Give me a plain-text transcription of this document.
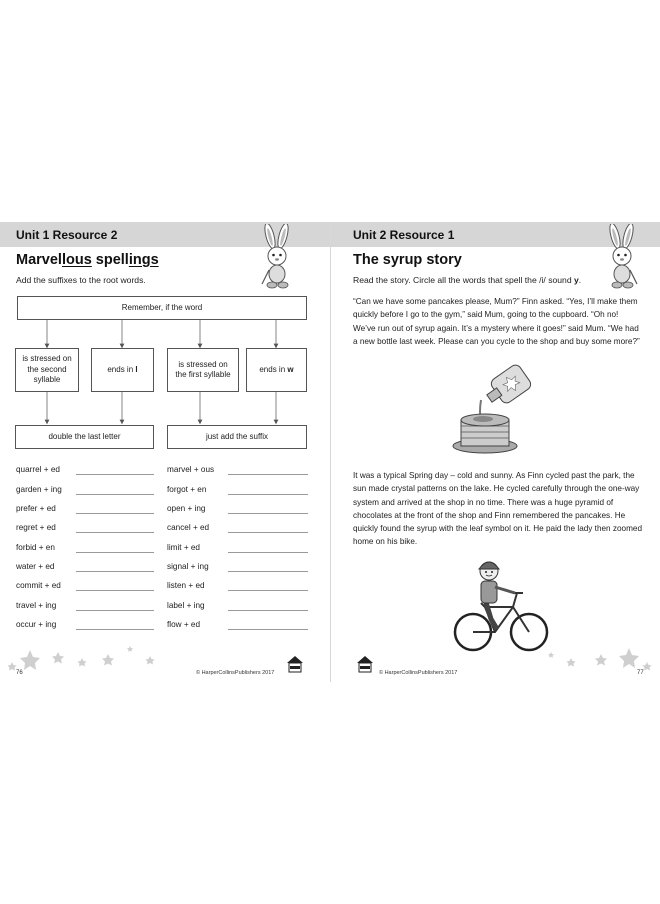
Unit 1 Resource 2
Marvellous spellings
Add the suffixes to the root words.
Remember, if the word
is stressed on
the second
syllable
ends in l
is stressed on
the first syllable
ends in w
double the last letter	just add the suffix
quarrel + ed	marvel + ous
garden + ing	forgot + en
prefer + ed	open + ing
regret + ed	cancel + ed
forbid + en	limit + ed
water + ed	signal + ing
commit + ed	listen + ed
travel + ing	label + ing
occur + ing	flow + ed
76	© HarperCollinsPublishers 2017
Unit 2 Resource 1
The syrup story
Read the story. Circle all the words that spell the /i/ sound y.
“Can we have some pancakes please, Mum?” Finn asked. “Yes, I’ll make them quickly before I go to the gym,” said Mum, going to the cupboard. “Oh no! We’ve run out of syrup again. It’s a mystery where it goes!” said Mum. “We had a new bottle last week. Please can you cycle to the shop and buy some more?”
It was a typical Spring day – cold and sunny. As Finn cycled past the park, the sun made crystal patterns on the lake. He cycled carefully through the one-way system and arrived at the shop in no time. There was a huge pyramid of chocolates at the front of the shop and Finn remembered the pancakes. He quickly found the syrup with the leaf symbol on it. He paid the lady then zoomed home on his bike.
© HarperCollinsPublishers 2017	77
